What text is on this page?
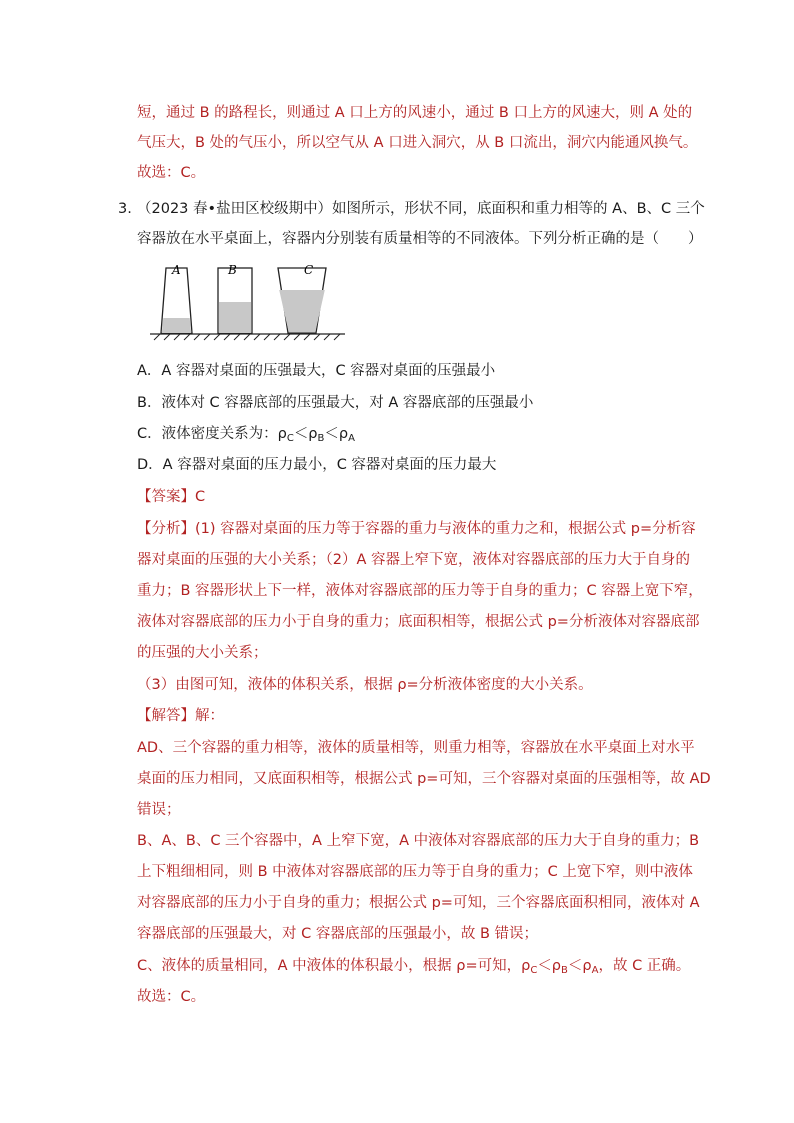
短，通过 B 的路程长，则通过 A 口上方的风速小，通过 B 口上方的风速大，则 A 处的
气压大，B 处的气压小，所以空气从 A 口进入洞穴，从 B 口流出，洞穴内能通风换气。
故选：C。
3. （2023 春•盐田区校级期中）如图所示，形状不同，底面积和重力相等的 A、B、C 三个
容器放在水平桌面上，容器内分别装有质量相等的不同液体。下列分析正确的是（　　）
A	B	C
A．A 容器对桌面的压强最大，C 容器对桌面的压强最小
B．液体对 C 容器底部的压强最大，对 A 容器底部的压强最小
C．液体密度关系为：$\rho_C<\rho_B<\rho_A$
D．A 容器对桌面的压力最小，C 容器对桌面的压力最大
【答案】C
【分析】(1) 容器对桌面的压力等于容器的重力与液体的重力之和，根据公式 p=分析容
器对桌面的压强的大小关系；（2）A 容器上窄下宽，液体对容器底部的压力大于自身的
重力；B 容器形状上下一样，液体对容器底部的压力等于自身的重力；C 容器上宽下窄，
液体对容器底部的压力小于自身的重力；底面积相等，根据公式 p=分析液体对容器底部
的压强的大小关系；
（3）由图可知，液体的体积关系，根据 ρ=分析液体密度的大小关系。
【解答】解：
AD、三个容器的重力相等，液体的质量相等，则重力相等，容器放在水平桌面上对水平
桌面的压力相同，又底面积相等，根据公式 p=可知，三个容器对桌面的压强相等，故 AD
错误；
B、A、B、C 三个容器中，A 上窄下宽，A 中液体对容器底部的压力大于自身的重力；B
上下粗细相同，则 B 中液体对容器底部的压力等于自身的重力；C 上宽下窄，则中液体
对容器底部的压力小于自身的重力；根据公式 p=可知，三个容器底面积相同，液体对 A
容器底部的压强最大，对 C 容器底部的压强最小，故 B 错误；
C、液体的质量相同，A 中液体的体积最小，根据 ρ=可知，$\rho_C<\rho_B<\rho_A$，故 C 正确。
故选：C。
